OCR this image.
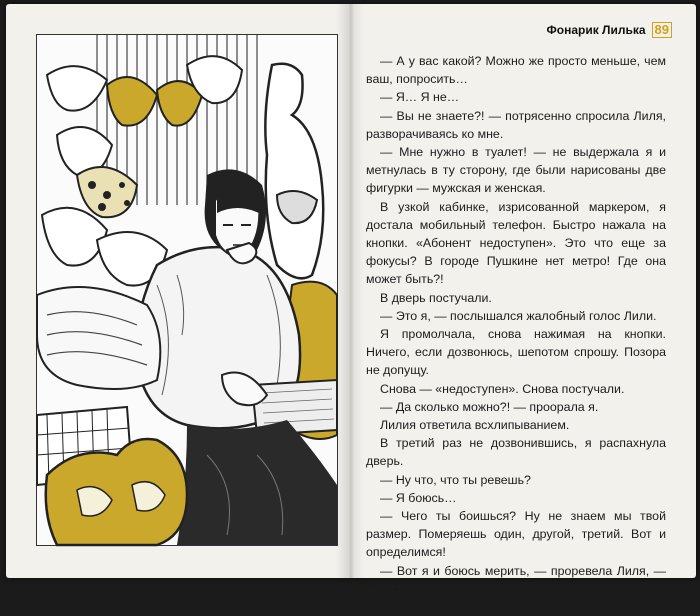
Фонарик Лилька 89

— А у вас какой? Можно же просто меньше, чем ваш, попросить…

— Я… Я не…

— Вы не знаете?! — потрясенно спросила Лиля, разворачиваясь ко мне.

— Мне нужно в туалет! — не выдержала я и метнулась в ту сторону, где были нарисованы две фигурки — мужская и женская.

В узкой кабинке, изрисованной маркером, я достала мобильный телефон. Быстро нажала на кнопки. «Абонент недоступен». Это что еще за фокусы? В городе Пушкине нет метро! Где она может быть?!

В дверь постучали.

— Это я, — послышался жалобный голос Лили.

Я промолчала, снова нажимая на кнопки. Ничего, если дозвонюсь, шепотом спрошу. Позора не допущу.

Снова — «недоступен». Снова постучали.

— Да сколько можно?! — проорала я.

Лилия ответила всхлипыванием.

В третий раз не дозвонившись, я распахнула дверь.

— Ну что, что ты ревешь?

— Я боюсь…

— Чего ты боишься? Ну не знаем мы твой размер. Померяешь один, другой, третий. Вот и определимся!

— Вот я и боюсь мерить, — проревела Лиля, — а вдруг мерить надо будет прямо там… за прилавком?
